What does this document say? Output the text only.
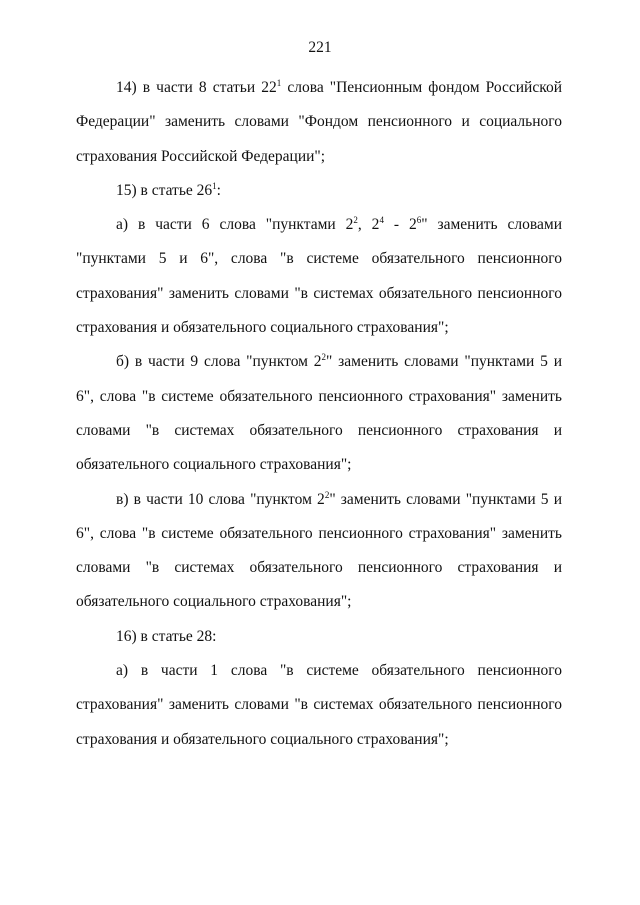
221

14) в части 8 статьи $22^1$ слова "Пенсионным фондом Российской Федерации" заменить словами "Фондом пенсионного и социального страхования Российской Федерации";

15) в статье $26^1$:

а) в части 6 слова "пунктами $2^2$, $2^4 - 2^6$" заменить словами "пунктами 5 и 6", слова "в системе обязательного пенсионного страхования" заменить словами "в системах обязательного пенсионного страхования и обязательного социального страхования";

б) в части 9 слова "пунктом $2^2$" заменить словами "пунктами 5 и 6", слова "в системе обязательного пенсионного страхования" заменить словами "в системах обязательного пенсионного страхования и обязательного социального страхования";

в) в части 10 слова "пунктом $2^2$" заменить словами "пунктами 5 и 6", слова "в системе обязательного пенсионного страхования" заменить словами "в системах обязательного пенсионного страхования и обязательного социального страхования";

16) в статье 28:

а) в части 1 слова "в системе обязательного пенсионного страхования" заменить словами "в системах обязательного пенсионного страхования и обязательного социального страхования";
